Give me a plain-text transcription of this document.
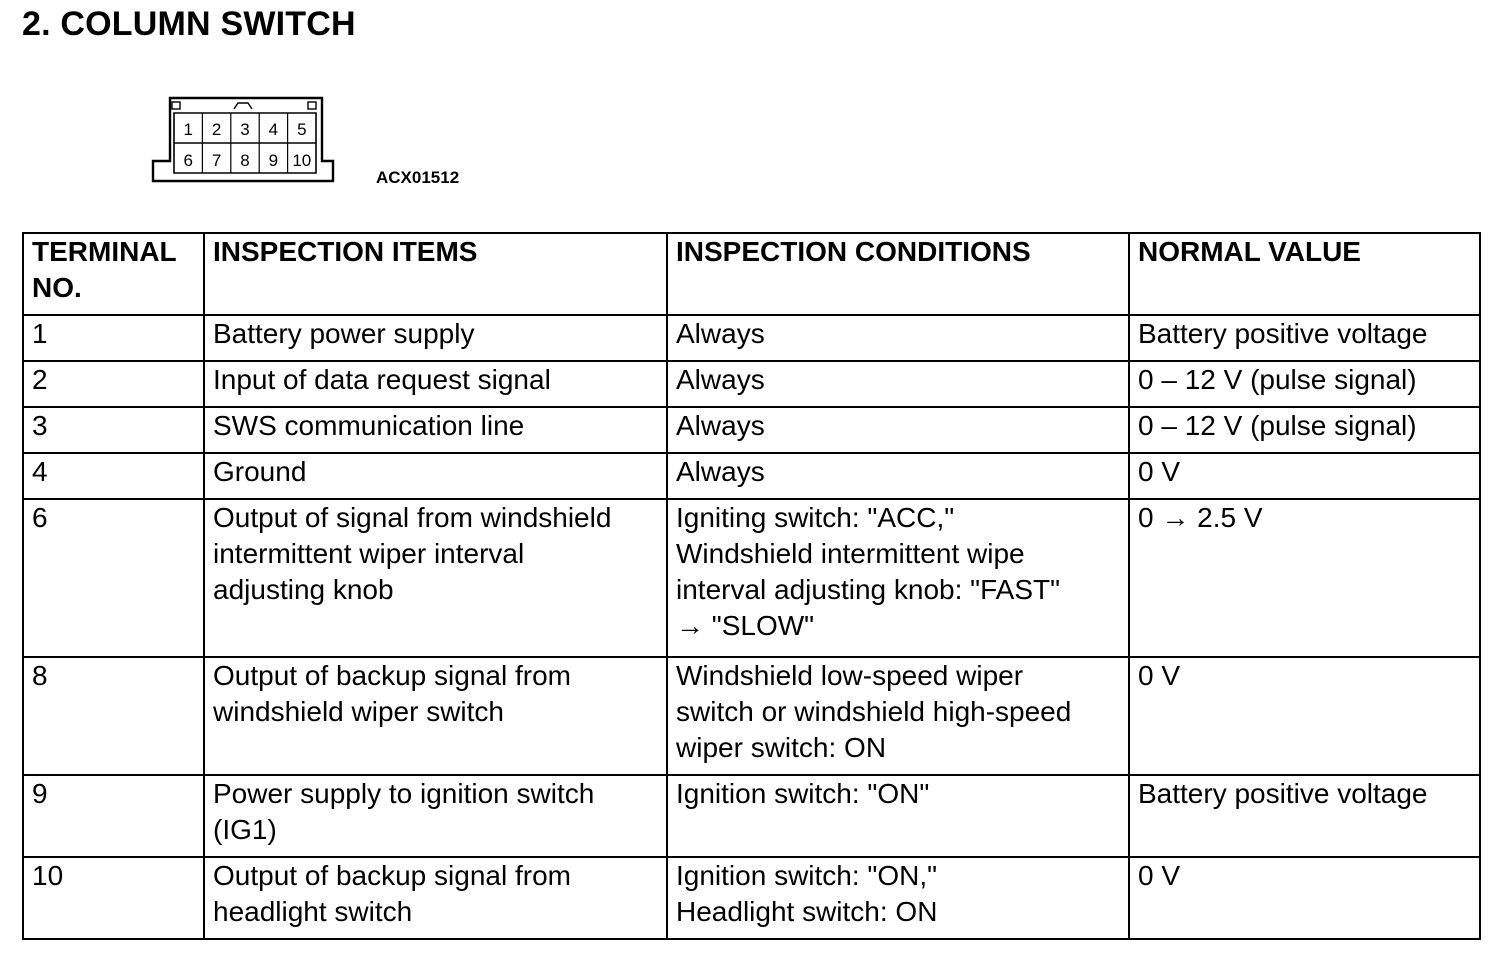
2. COLUMN SWITCH
1 2 3 4 5
6 7 8 9 10
ACX01512
TERMINAL
NO.	INSPECTION ITEMS	INSPECTION CONDITIONS	NORMAL VALUE

1	Battery power supply	Always	Battery positive voltage

2	Input of data request signal	Always	0 – 12 V (pulse signal)

3	SWS communication line	Always	0 – 12 V (pulse signal)

4	Ground	Always	0 V

6	Output of signal from windshield
intermittent wiper interval
adjusting knob	Igniting switch: "ACC,"
Windshield intermittent wipe
interval adjusting knob: "FAST"
→ "SLOW"	0 → 2.5 V

8	Output of backup signal from
windshield wiper switch	Windshield low-speed wiper
switch or windshield high-speed
wiper switch: ON	0 V

9	Power supply to ignition switch
(IG1)	Ignition switch: "ON"	Battery positive voltage

10	Output of backup signal from
headlight switch	Ignition switch: "ON,"
Headlight switch: ON	0 V
